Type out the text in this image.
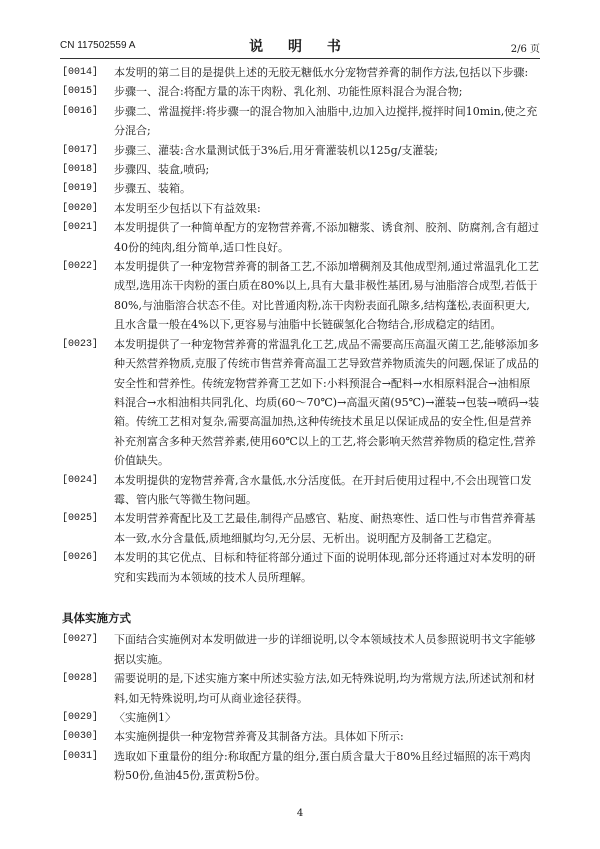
CN 117502559 A	说 明 书	2/6 页
[0014]	本发明的第二目的是提供上述的无胶无糖低水分宠物营养膏的制作方法,包括以下步骤:
[0015]	步骤一、混合:将配方量的冻干肉粉、乳化剂、功能性原料混合为混合物;
[0016]	步骤二、常温搅拌:将步骤一的混合物加入油脂中,边加入边搅拌,搅拌时间10min,使之充分混合;
[0017]	步骤三、灌装:含水量测试低于3%后,用牙膏灌装机以125g/支灌装;
[0018]	步骤四、装盒,喷码;
[0019]	步骤五、装箱。
[0020]	本发明至少包括以下有益效果:
[0021]	本发明提供了一种简单配方的宠物营养膏,不添加糖浆、诱食剂、胶剂、防腐剂,含有超过40份的纯肉,组分简单,适口性良好。
[0022]	本发明提供了一种宠物营养膏的制备工艺,不添加增稠剂及其他成型剂,通过常温乳化工艺成型,选用冻干肉粉的蛋白质在80%以上,具有大量非极性基团,易与油脂溶合成型,若低于80%,与油脂溶合状态不佳。对比普通肉粉,冻干肉粉表面孔隙多,结构蓬松,表面积更大,且水含量一般在4%以下,更容易与油脂中长链碳氢化合物结合,形成稳定的结团。
[0023]	本发明提供了一种宠物营养膏的常温乳化工艺,成品不需要高压高温灭菌工艺,能够添加多种天然营养物质,克服了传统市售营养膏高温工艺导致营养物质流失的问题,保证了成品的安全性和营养性。传统宠物营养膏工艺如下:小料预混合→配料→水相原料混合→油相原料混合→水相油相共同乳化、均质(60～70℃)→高温灭菌(95℃)→灌装→包装→喷码→装箱。传统工艺相对复杂,需要高温加热,这种传统技术虽足以保证成品的安全性,但是营养补充剂富含多种天然营养素,使用60℃以上的工艺,将会影响天然营养物质的稳定性,营养价值缺失。
[0024]	本发明提供的宠物营养膏,含水量低,水分活度低。在开封后使用过程中,不会出现管口发霉、管内胀气等微生物问题。
[0025]	本发明营养膏配比及工艺最佳,制得产品感官、粘度、耐热寒性、适口性与市售营养膏基本一致,水分含量低,质地细腻均匀,无分层、无析出。说明配方及制备工艺稳定。
[0026]	本发明的其它优点、目标和特征将部分通过下面的说明体现,部分还将通过对本发明的研究和实践而为本领域的技术人员所理解。
具体实施方式
[0027]	下面结合实施例对本发明做进一步的详细说明,以令本领域技术人员参照说明书文字能够据以实施。
[0028]	需要说明的是,下述实施方案中所述实验方法,如无特殊说明,均为常规方法,所述试剂和材料,如无特殊说明,均可从商业途径获得。
[0029]	〈实施例1〉
[0030]	本实施例提供一种宠物营养膏及其制备方法。具体如下所示:
[0031]	选取如下重量份的组分:称取配方量的组分,蛋白质含量大于80%且经过辐照的冻干鸡肉粉50份,鱼油45份,蛋黄粉5份。
4
